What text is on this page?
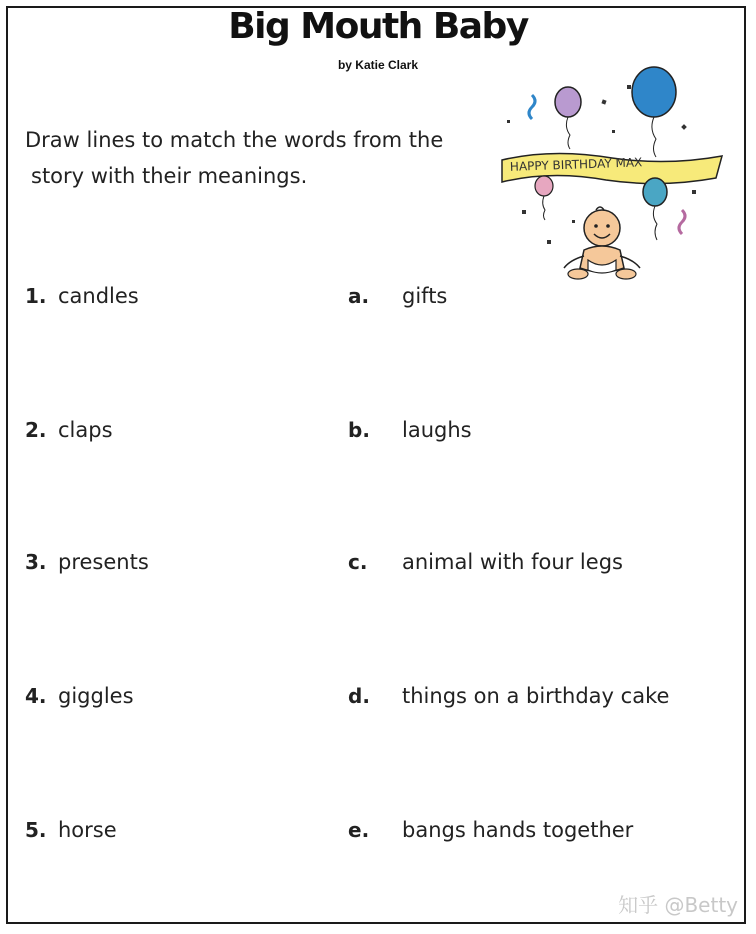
Big Mouth Baby
by Katie Clark
Draw lines to match the words from the
story with their meanings.	HAPPY BIRTHDAY MAX
1. candles	a. gifts
2. claps	b. laughs
3. presents	c. animal with four legs
4. giggles	d. things on a birthday cake
5. horse	e. bangs hands together
知乎 @Betty
